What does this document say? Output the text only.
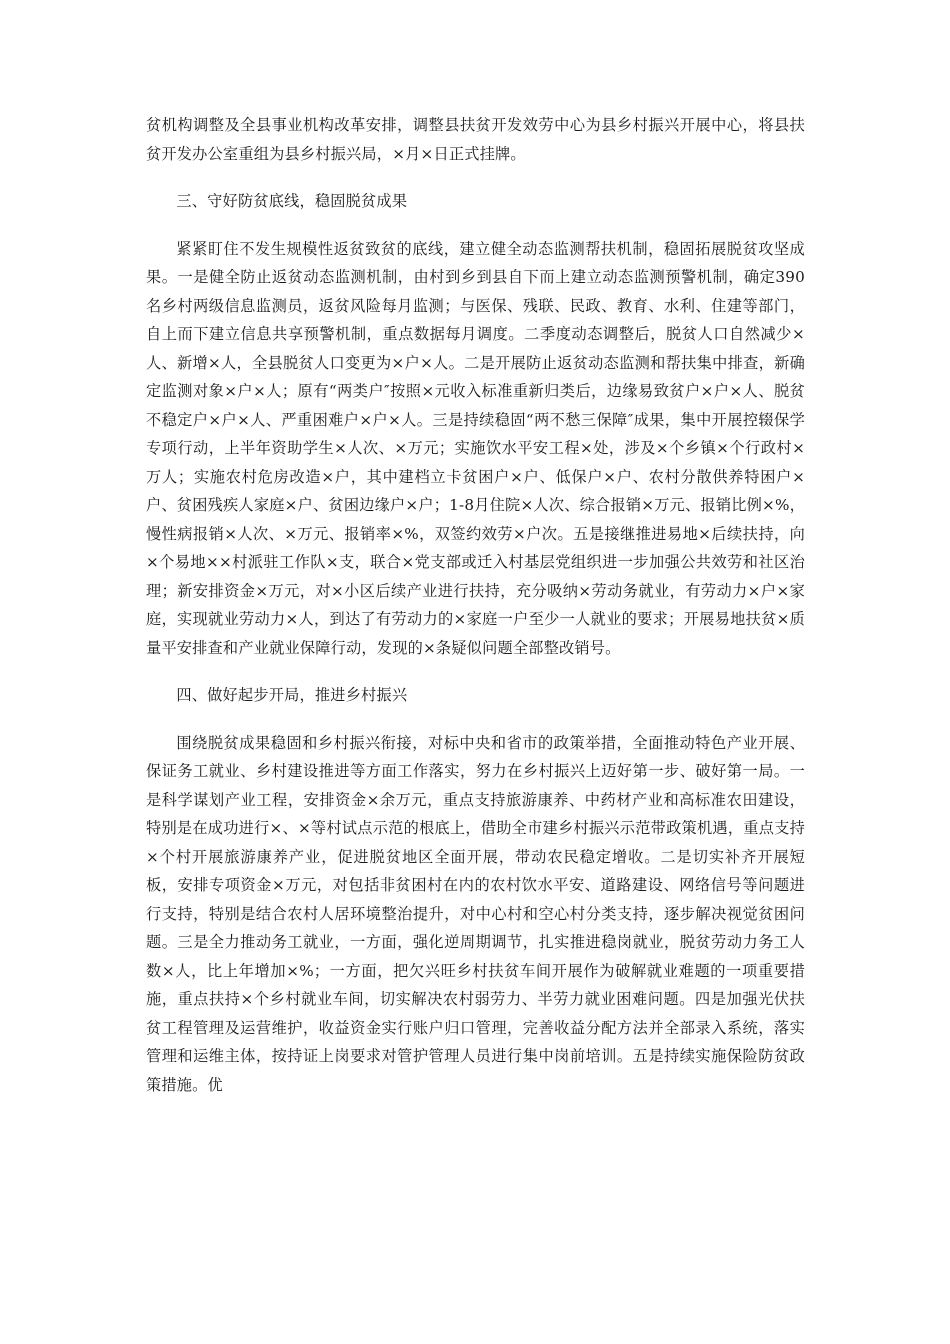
贫机构调整及全县事业机构改革安排，调整县扶贫开发效劳中心为县乡村振兴开展中心，将县扶贫开发办公室重组为县乡村振兴局，×月×日正式挂牌。

三、守好防贫底线，稳固脱贫成果

紧紧盯住不发生规模性返贫致贫的底线，建立健全动态监测帮扶机制，稳固拓展脱贫攻坚成果。一是健全防止返贫动态监测机制，由村到乡到县自下而上建立动态监测预警机制，确定390名乡村两级信息监测员，返贫风险每月监测；与医保、残联、民政、教育、水利、住建等部门，自上而下建立信息共享预警机制，重点数据每月调度。二季度动态调整后，脱贫人口自然减少×人、新增×人，全县脱贫人口变更为×户×人。二是开展防止返贫动态监测和帮扶集中排查，新确定监测对象×户×人；原有“两类户″按照×元收入标准重新归类后，边缘易致贫户×户×人、脱贫不稳定户×户×人、严重困难户×户×人。三是持续稳固“两不愁三保障″成果，集中开展控辍保学专项行动，上半年资助学生×人次、×万元；实施饮水平安工程×处，涉及×个乡镇×个行政村×万人；实施农村危房改造×户，其中建档立卡贫困户×户、低保户×户、农村分散供养特困户×户、贫困残疾人家庭×户、贫困边缘户×户；1-8月住院×人次、综合报销×万元、报销比例×%，慢性病报销×人次、×万元、报销率×%，双签约效劳×户次。五是接继推进易地×后续扶持，向×个易地××村派驻工作队×支，联合×党支部或迁入村基层党组织进一步加强公共效劳和社区治理；新安排资金×万元，对×小区后续产业进行扶持，充分吸纳×劳动务就业，有劳动力×户×家庭，实现就业劳动力×人，到达了有劳动力的×家庭一户至少一人就业的要求；开展易地扶贫×质量平安排查和产业就业保障行动，发现的×条疑似问题全部整改销号。

四、做好起步开局，推进乡村振兴

围绕脱贫成果稳固和乡村振兴衔接，对标中央和省市的政策举措，全面推动特色产业开展、保证务工就业、乡村建设推进等方面工作落实，努力在乡村振兴上迈好第一步、破好第一局。一是科学谋划产业工程，安排资金×余万元，重点支持旅游康养、中药材产业和高标准农田建设，特别是在成功进行×、×等村试点示范的根底上，借助全市建乡村振兴示范带政策机遇，重点支持×个村开展旅游康养产业，促进脱贫地区全面开展，带动农民稳定增收。二是切实补齐开展短板，安排专项资金×万元，对包括非贫困村在内的农村饮水平安、道路建设、网络信号等问题进行支持，特别是结合农村人居环境整治提升，对中心村和空心村分类支持，逐步解决视觉贫困问题。三是全力推动务工就业，一方面，强化逆周期调节，扎实推进稳岗就业，脱贫劳动力务工人数×人，比上年增加×%；一方面，把欠兴旺乡村扶贫车间开展作为破解就业难题的一项重要措施，重点扶持×个乡村就业车间，切实解决农村弱劳力、半劳力就业困难问题。四是加强光伏扶贫工程管理及运营维护，收益资金实行账户归口管理，完善收益分配方法并全部录入系统，落实管理和运维主体，按持证上岗要求对管护管理人员进行集中岗前培训。五是持续实施保险防贫政策措施。优
